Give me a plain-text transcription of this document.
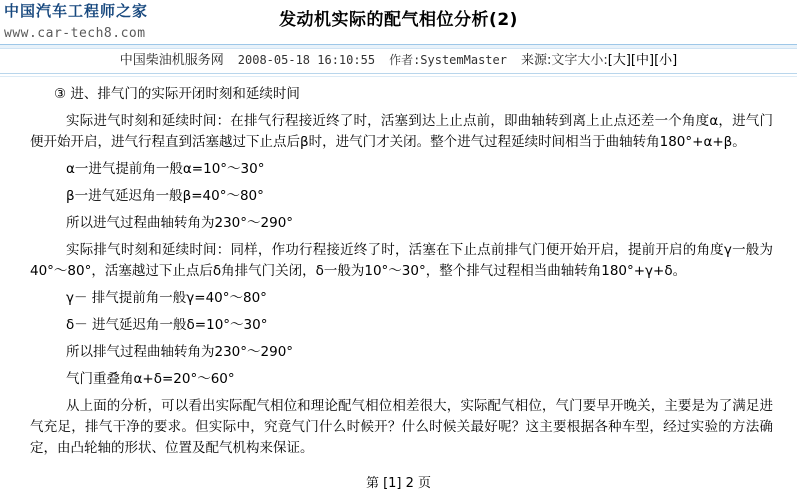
中国汽车工程师之家
www.car-tech8.com
发动机实际的配气相位分析(2)
中国柴油机服务网 2008-05-18 16:10:55 作者:SystemMaster 来源:文字大小:[大][中][小]

③ 进、排气门的实际开闭时刻和延续时间

实际进气时刻和延续时间：在排气行程接近终了时，活塞到达上止点前，即曲轴转到离上止点还差一个角度α，进气门便开始开启，进气行程直到活塞越过下止点后β时，进气门才关闭。整个进气过程延续时间相当于曲轴转角180°+α+β。

α一进气提前角一般α=10°～30°

β一进气延迟角一般β=40°～80°

所以进气过程曲轴转角为230°～290°

实际排气时刻和延续时间：同样，作功行程接近终了时，活塞在下止点前排气门便开始开启，提前开启的角度γ一般为40°～80°，活塞越过下止点后δ角排气门关闭，δ一般为10°～30°，整个排气过程相当曲轴转角180°+γ+δ。

γ－ 排气提前角一般γ=40°～80°

δ－ 进气延迟角一般δ=10°～30°

所以排气过程曲轴转角为230°～290°

气门重叠角α+δ=20°～60°

从上面的分析，可以看出实际配气相位和理论配气相位相差很大，实际配气相位，气门要早开晚关，主要是为了满足进气充足，排气干净的要求。但实际中，究竟气门什么时候开？什么时候关最好呢？这主要根据各种车型，经过实验的方法确定，由凸轮轴的形状、位置及配气机构来保证。

第 [1] 2 页
